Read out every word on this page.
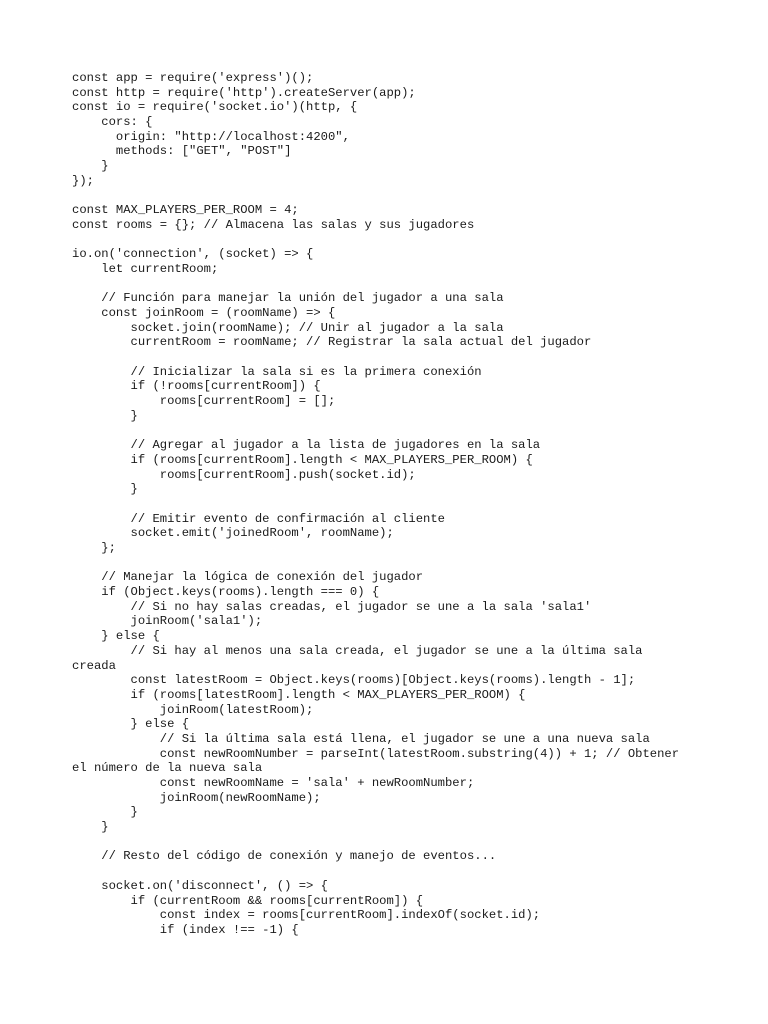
const app = require('express')();
const http = require('http').createServer(app);
const io = require('socket.io')(http, {
cors: {
origin: "http://localhost:4200",
methods: ["GET", "POST"]
}
});
const MAX_PLAYERS_PER_ROOM = 4;
const rooms = {}; // Almacena las salas y sus jugadores
io.on('connection', (socket) => {
let currentRoom;
// Función para manejar la unión del jugador a una sala
const joinRoom = (roomName) => {
socket.join(roomName); // Unir al jugador a la sala
currentRoom = roomName; // Registrar la sala actual del jugador
// Inicializar la sala si es la primera conexión
if (!rooms[currentRoom]) {
rooms[currentRoom] = [];
}
// Agregar al jugador a la lista de jugadores en la sala
if (rooms[currentRoom].length < MAX_PLAYERS_PER_ROOM) {
rooms[currentRoom].push(socket.id);
}
// Emitir evento de confirmación al cliente
socket.emit('joinedRoom', roomName);
};
// Manejar la lógica de conexión del jugador
if (Object.keys(rooms).length === 0) {
// Si no hay salas creadas, el jugador se une a la sala 'sala1'
joinRoom('sala1');
} else {
// Si hay al menos una sala creada, el jugador se une a la última sala
creada
const latestRoom = Object.keys(rooms)[Object.keys(rooms).length - 1];
if (rooms[latestRoom].length < MAX_PLAYERS_PER_ROOM) {
joinRoom(latestRoom);
} else {
// Si la última sala está llena, el jugador se une a una nueva sala
const newRoomNumber = parseInt(latestRoom.substring(4)) + 1; // Obtener
el número de la nueva sala
const newRoomName = 'sala' + newRoomNumber;
joinRoom(newRoomName);
}
}
// Resto del código de conexión y manejo de eventos...
socket.on('disconnect', () => {
if (currentRoom && rooms[currentRoom]) {
const index = rooms[currentRoom].indexOf(socket.id);
if (index !== -1) {
